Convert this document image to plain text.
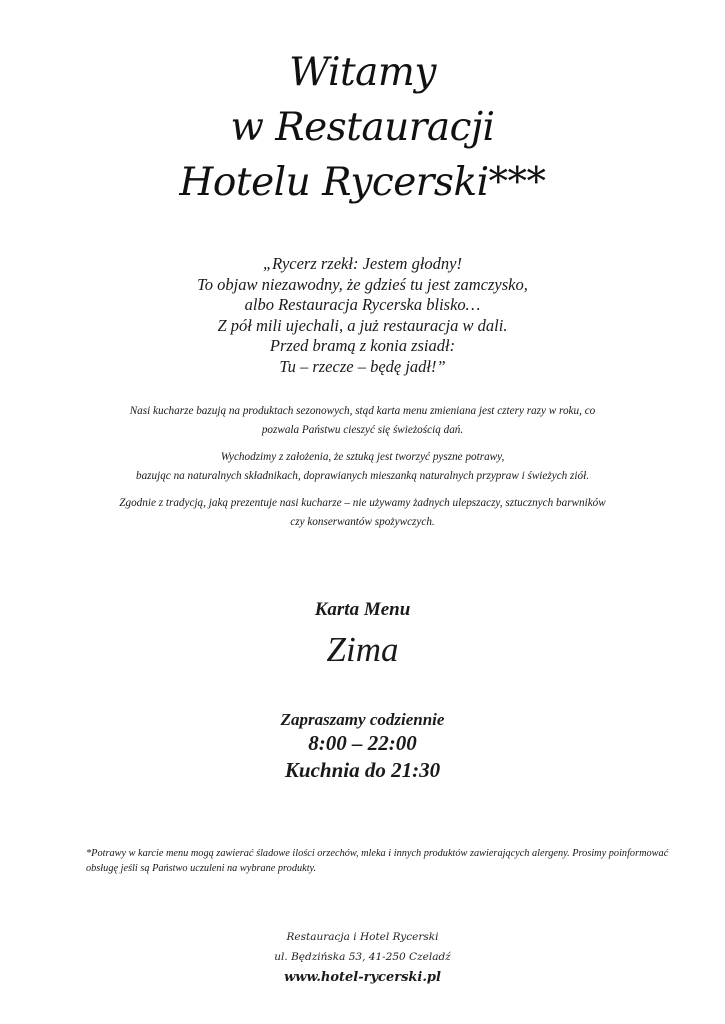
Witamy
w Restauracji
Hotelu Rycerski***
„Rycerz rzekł: Jestem głodny!
To objaw niezawodny, że gdzieś tu jest zamczysko,
albo Restauracja Rycerska blisko…
Z pół mili ujechali, a już restauracja w dali.
Przed bramą z konia zsiadł:
Tu – rzecze – będę jadł!”

Nasi kucharze bazują na produktach sezonowych, stąd karta menu zmieniana jest cztery razy w roku, co
pozwala Państwu cieszyć się świeżością dań.

Wychodzimy z założenia, że sztuką jest tworzyć pyszne potrawy,
bazując na naturalnych składnikach, doprawianych mieszanką naturalnych przypraw i świeżych ziół.

Zgodnie z tradycją, jaką prezentuje nasi kucharze – nie używamy żadnych ulepszaczy, sztucznych barwników
czy konserwantów spożywczych.

Karta Menu
Zima
Zapraszamy codziennie
8:00 – 22:00
Kuchnia do 21:30
*Potrawy w karcie menu mogą zawierać śladowe ilości orzechów, mleka i innych produktów zawierających alergeny. Prosimy poinformować obsługę jeśli są Państwo uczuleni na wybrane produkty.
Restauracja i Hotel Rycerski
ul. Będzińska 53, 41-250 Czeladź
www.hotel-rycerski.pl
